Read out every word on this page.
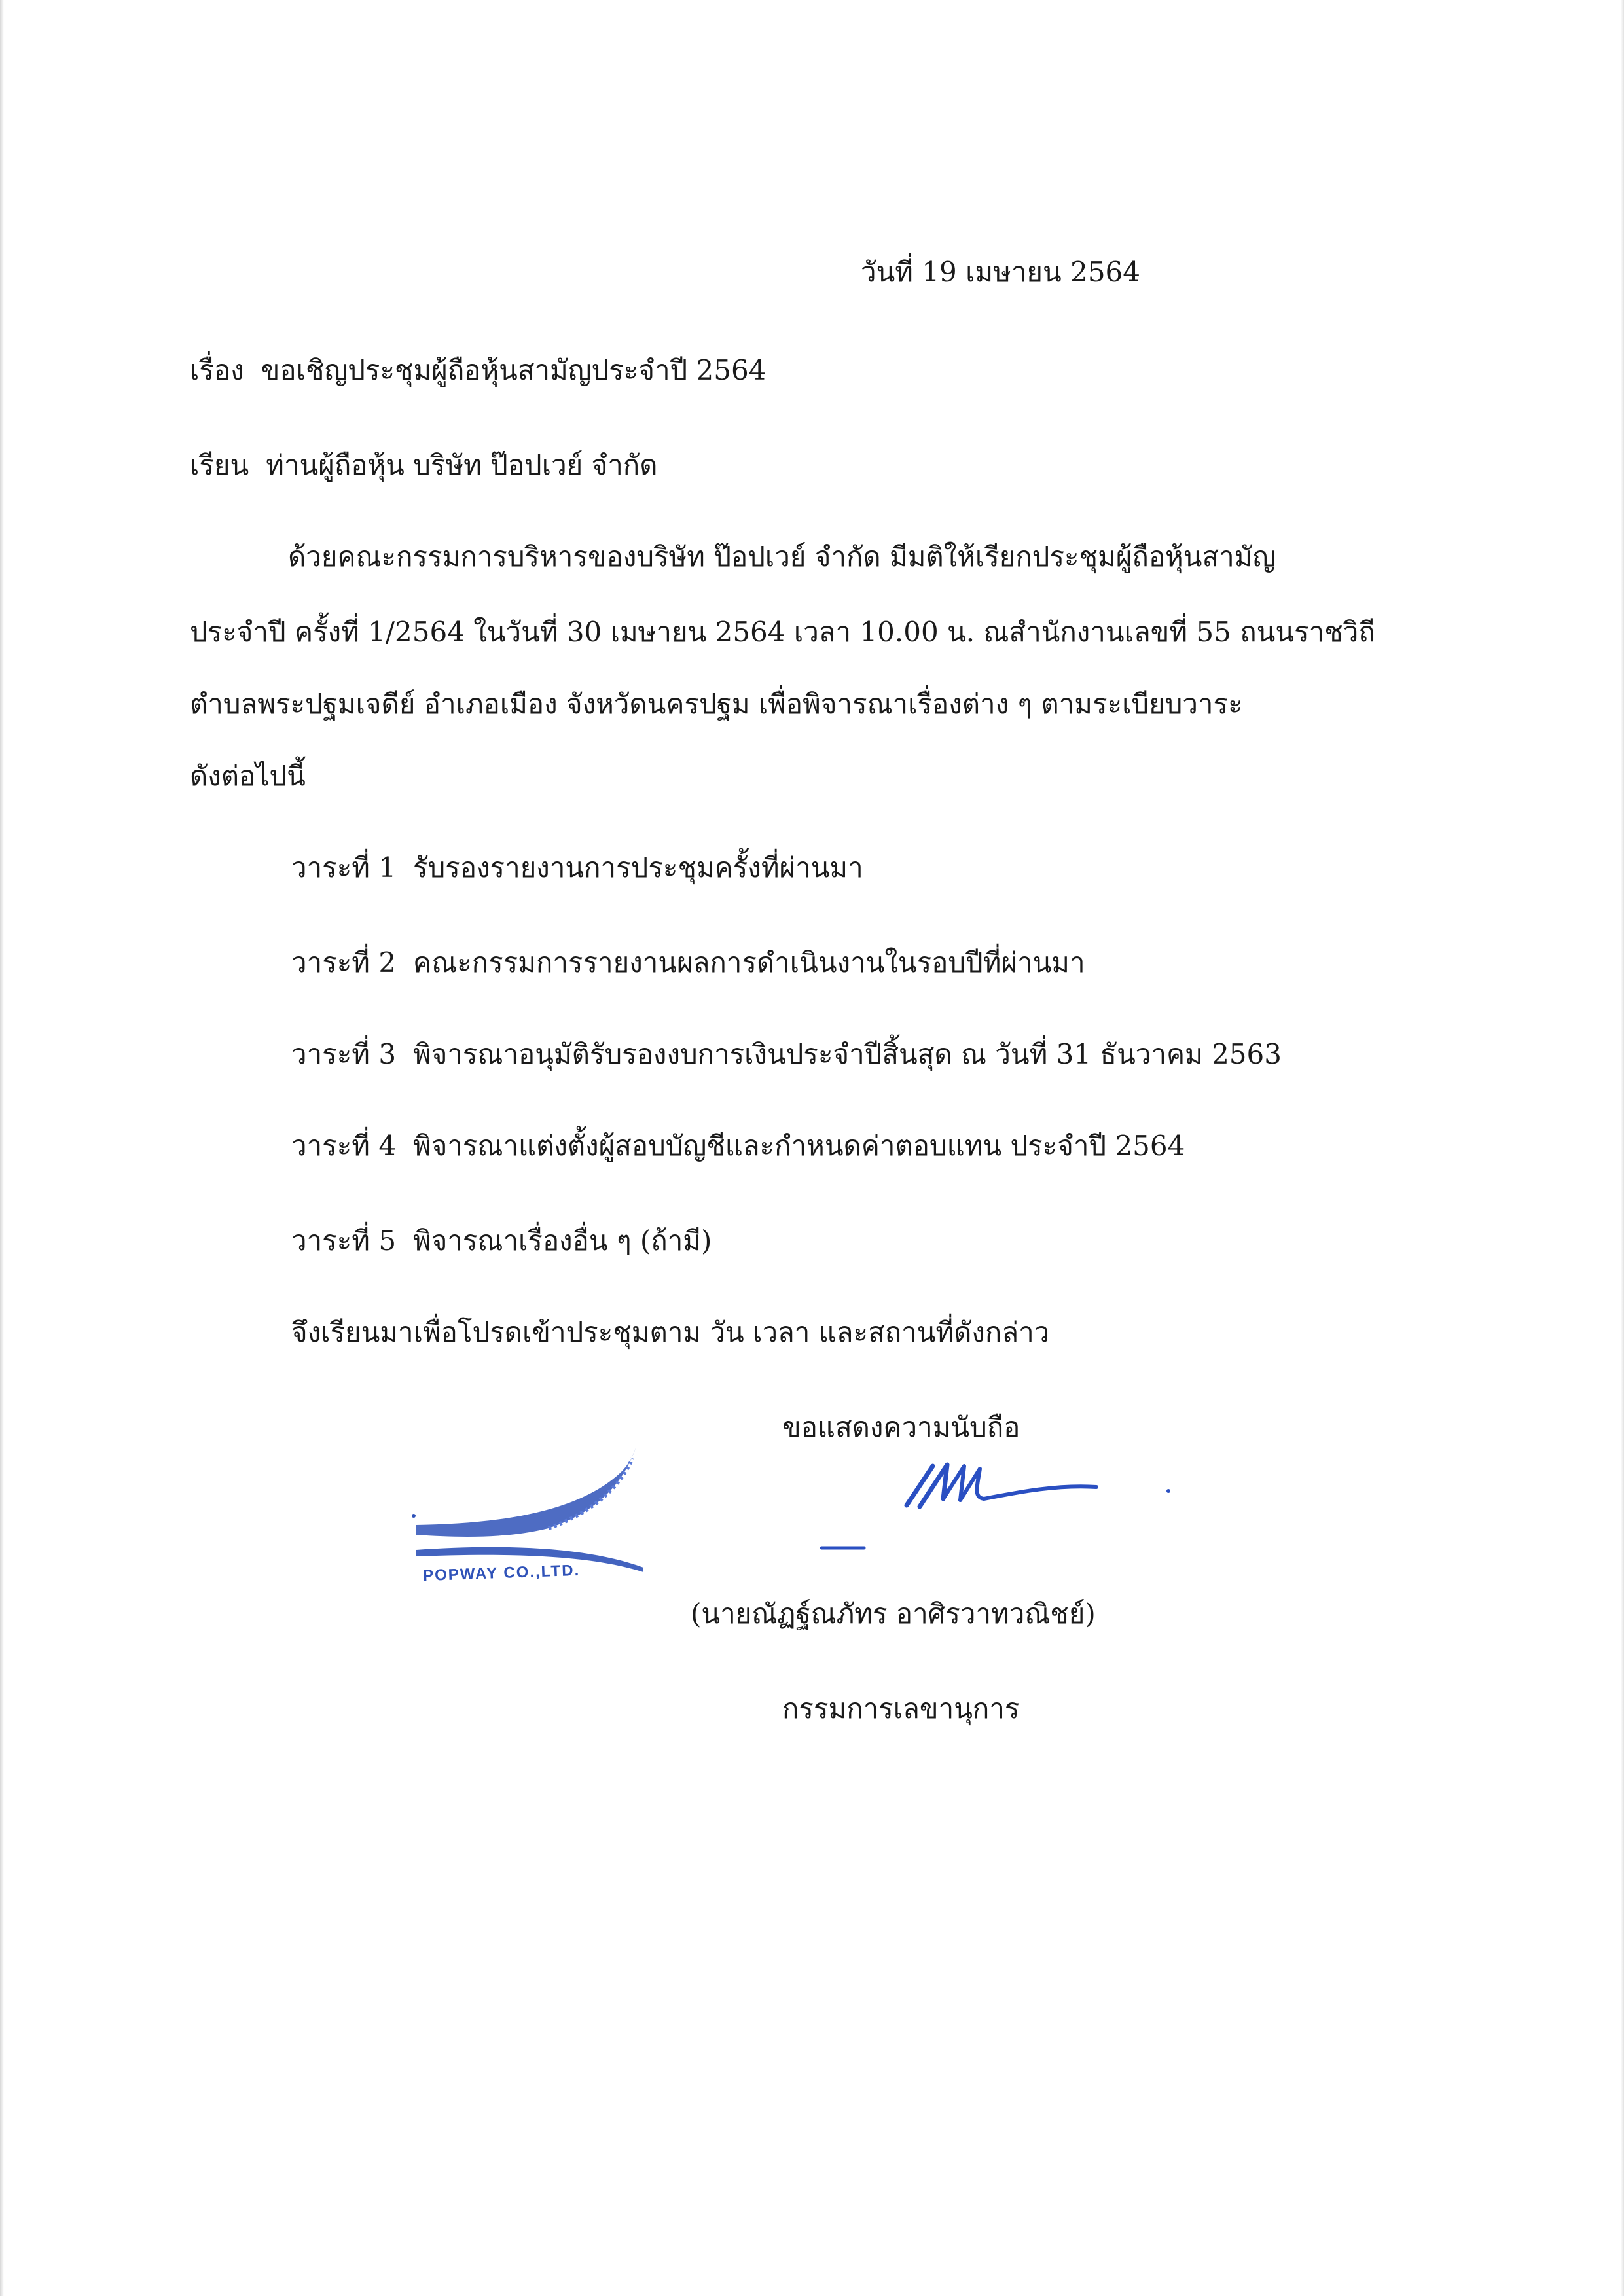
วันที่ 19 เมษายน 2564
เรื่อง ขอเชิญประชุมผู้ถือหุ้นสามัญประจำปี 2564
เรียน ท่านผู้ถือหุ้น บริษัท ป๊อปเวย์ จำกัด
ด้วยคณะกรรมการบริหารของบริษัท ป๊อปเวย์ จำกัด มีมติให้เรียกประชุมผู้ถือหุ้นสามัญ
ประจำปี ครั้งที่ 1/2564 ในวันที่ 30 เมษายน 2564 เวลา 10.00 น. ณสำนักงานเลขที่ 55 ถนนราชวิถี
ตำบลพระปฐมเจดีย์ อำเภอเมือง จังหวัดนครปฐม เพื่อพิจารณาเรื่องต่าง ๆ ตามระเบียบวาระ
ดังต่อไปนี้
วาระที่ 1 รับรองรายงานการประชุมครั้งที่ผ่านมา
วาระที่ 2 คณะกรรมการรายงานผลการดำเนินงานในรอบปีที่ผ่านมา
วาระที่ 3 พิจารณาอนุมัติรับรองงบการเงินประจำปีสิ้นสุด ณ วันที่ 31 ธันวาคม 2563
วาระที่ 4 พิจารณาแต่งตั้งผู้สอบบัญชีและกำหนดค่าตอบแทน ประจำปี 2564
วาระที่ 5 พิจารณาเรื่องอื่น ๆ (ถ้ามี)
จึงเรียนมาเพื่อโปรดเข้าประชุมตาม วัน เวลา และสถานที่ดังกล่าว
ขอแสดงความนับถือ
POPWAY CO.,LTD.
(นายณัฏฐ์ณภัทร อาศิรวาทวณิชย์)
กรรมการเลขานุการ
